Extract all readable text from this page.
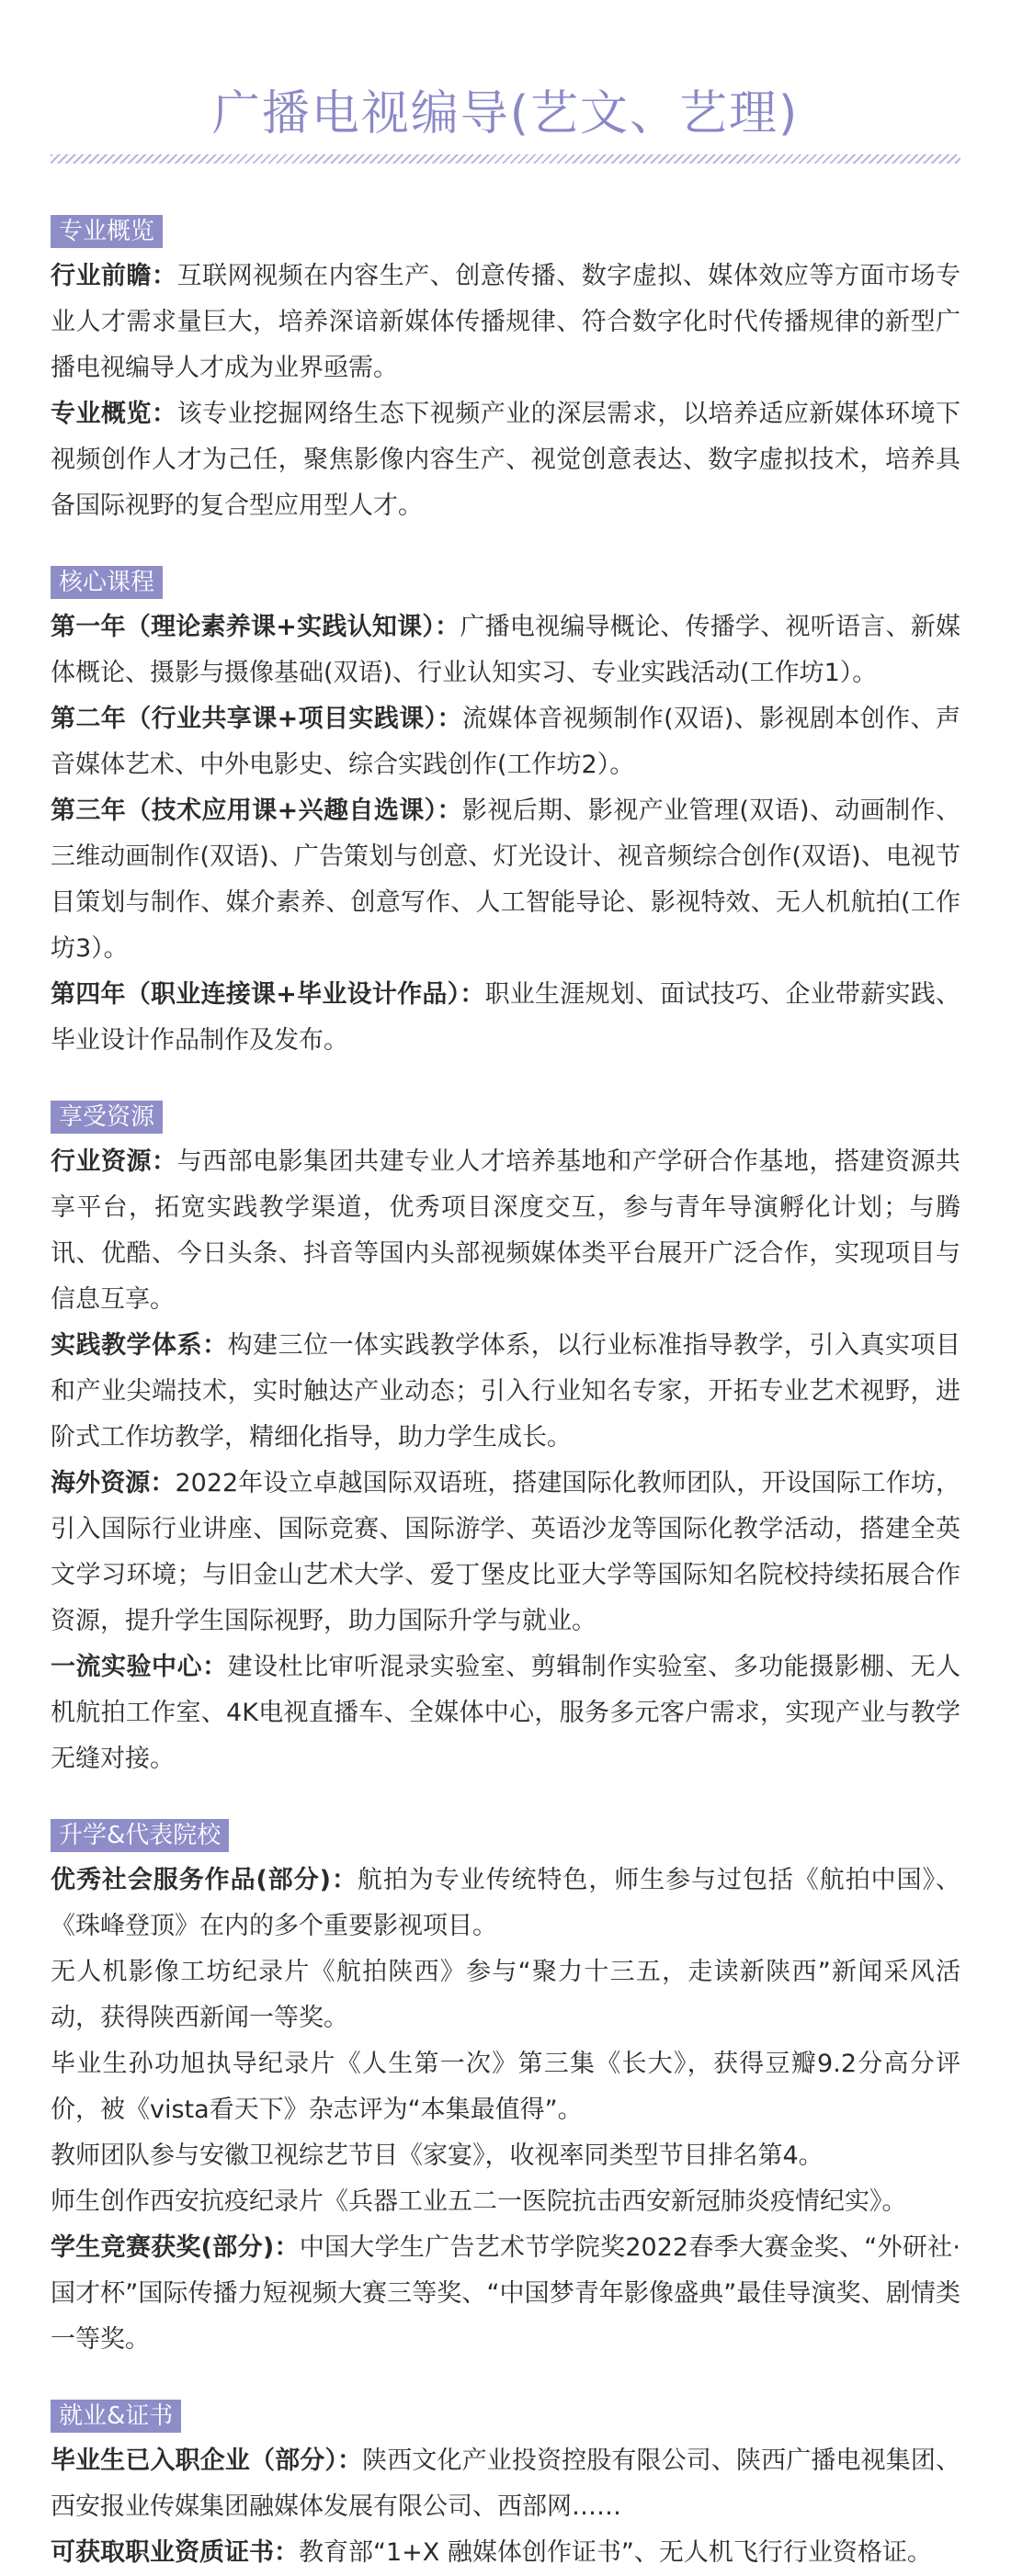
广播电视编导(艺文、艺理)
专业概览

行业前瞻：互联网视频在内容生产、创意传播、数字虚拟、媒体效应等方面市场专业人才需求量巨大，培养深谙新媒体传播规律、符合数字化时代传播规律的新型广播电视编导人才成为业界亟需。

专业概览：该专业挖掘网络生态下视频产业的深层需求，以培养适应新媒体环境下视频创作人才为己任，聚焦影像内容生产、视觉创意表达、数字虚拟技术，培养具备国际视野的复合型应用型人才。

核心课程

第一年（理论素养课+实践认知课）：广播电视编导概论、传播学、视听语言、新媒体概论、摄影与摄像基础(双语)、行业认知实习、专业实践活动(工作坊1）。

第二年（行业共享课+项目实践课）：流媒体音视频制作(双语)、影视剧本创作、声音媒体艺术、中外电影史、综合实践创作(工作坊2）。

第三年（技术应用课+兴趣自选课）：影视后期、影视产业管理(双语)、动画制作、三维动画制作(双语)、广告策划与创意、灯光设计、视音频综合创作(双语)、电视节目策划与制作、媒介素养、创意写作、人工智能导论、影视特效、无人机航拍(工作坊3）。

第四年（职业连接课+毕业设计作品）：职业生涯规划、面试技巧、企业带薪实践、毕业设计作品制作及发布。

享受资源

行业资源：与西部电影集团共建专业人才培养基地和产学研合作基地，搭建资源共享平台，拓宽实践教学渠道，优秀项目深度交互，参与青年导演孵化计划；与腾讯、优酷、今日头条、抖音等国内头部视频媒体类平台展开广泛合作，实现项目与信息互享。

实践教学体系：构建三位一体实践教学体系，以行业标准指导教学，引入真实项目和产业尖端技术，实时触达产业动态；引入行业知名专家，开拓专业艺术视野，进阶式工作坊教学，精细化指导，助力学生成长。

海外资源：2022年设立卓越国际双语班，搭建国际化教师团队，开设国际工作坊，引入国际行业讲座、国际竞赛、国际游学、英语沙龙等国际化教学活动，搭建全英文学习环境；与旧金山艺术大学、爱丁堡皮比亚大学等国际知名院校持续拓展合作资源，提升学生国际视野，助力国际升学与就业。

一流实验中心：建设杜比审听混录实验室、剪辑制作实验室、多功能摄影棚、无人机航拍工作室、4K电视直播车、全媒体中心，服务多元客户需求，实现产业与教学无缝对接。

升学&代表院校

优秀社会服务作品(部分)：航拍为专业传统特色，师生参与过包括《航拍中国》、《珠峰登顶》在内的多个重要影视项目。

无人机影像工坊纪录片《航拍陕西》参与“聚力十三五，走读新陕西”新闻采风活动，获得陕西新闻一等奖。

毕业生孙功旭执导纪录片《人生第一次》第三集《长大》，获得豆瓣9.2分高分评价，被《vista看天下》杂志评为“本集最值得”。

教师团队参与安徽卫视综艺节目《家宴》，收视率同类型节目排名第4。

师生创作西安抗疫纪录片《兵器工业五二一医院抗击西安新冠肺炎疫情纪实》。

学生竞赛获奖(部分)：中国大学生广告艺术节学院奖2022春季大赛金奖、“外研社·国才杯”国际传播力短视频大赛三等奖、“中国梦青年影像盛典”最佳导演奖、剧情类一等奖。

就业&证书

毕业生已入职企业（部分）：陕西文化产业投资控股有限公司、陕西广播电视集团、西安报业传媒集团融媒体发展有限公司、西部网……

可获取职业资质证书：教育部“1+X 融媒体创作证书”、无人机飞行行业资格证。
